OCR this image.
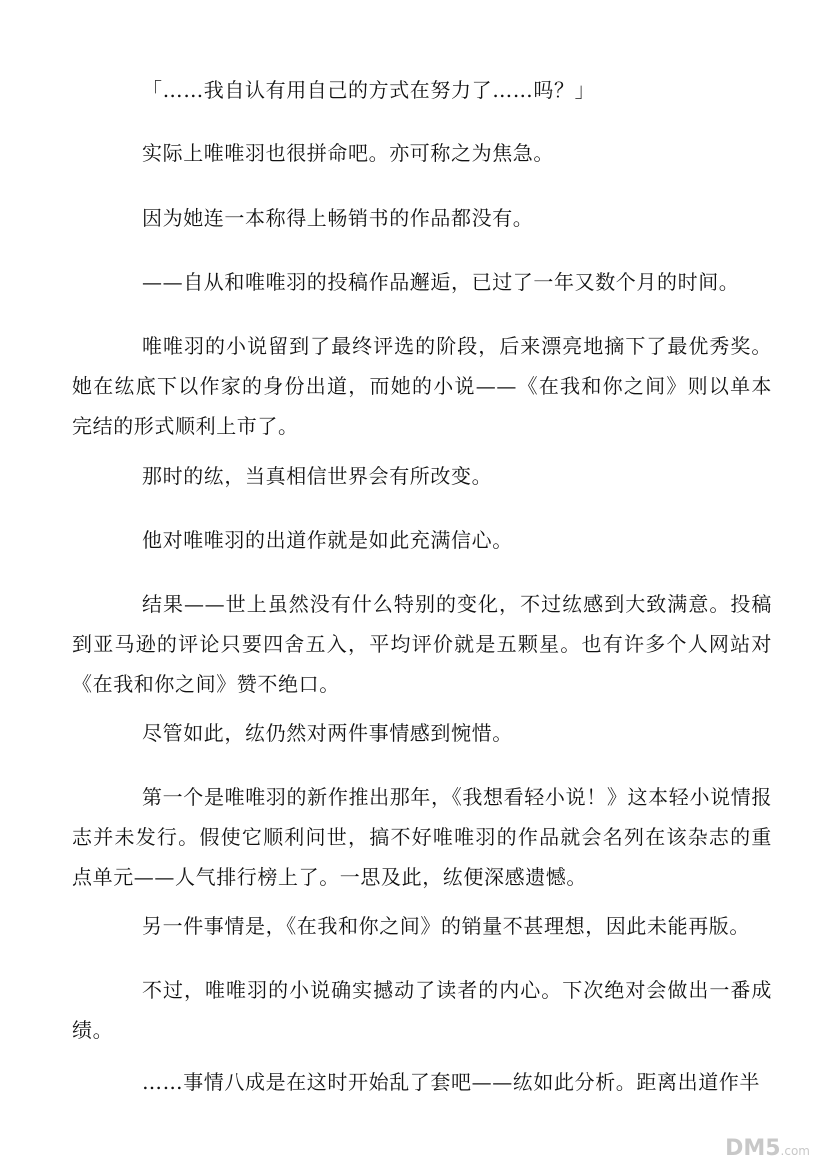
「……我自认有用自己的方式在努力了……吗？」

实际上唯唯羽也很拼命吧。亦可称之为焦急。

因为她连一本称得上畅销书的作品都没有。

——自从和唯唯羽的投稿作品邂逅，已过了一年又数个月的时间。

唯唯羽的小说留到了最终评选的阶段，后来漂亮地摘下了最优秀奖。她在纮底下以作家的身份出道，而她的小说——《在我和你之间》则以单本完结的形式顺利上市了。

那时的纮，当真相信世界会有所改变。

他对唯唯羽的出道作就是如此充满信心。

结果——世上虽然没有什么特别的变化，不过纮感到大致满意。投稿到亚马逊的评论只要四舍五入，平均评价就是五颗星。也有许多个人网站对《在我和你之间》赞不绝口。

尽管如此，纮仍然对两件事情感到惋惜。

第一个是唯唯羽的新作推出那年，《我想看轻小说！》这本轻小说情报志并未发行。假使它顺利问世，搞不好唯唯羽的作品就会名列在该杂志的重点单元——人气排行榜上了。一思及此，纮便深感遗憾。

另一件事情是，《在我和你之间》的销量不甚理想，因此未能再版。

不过，唯唯羽的小说确实撼动了读者的内心。下次绝对会做出一番成绩。

……事情八成是在这时开始乱了套吧——纮如此分析。距离出道作半

DM5.com
